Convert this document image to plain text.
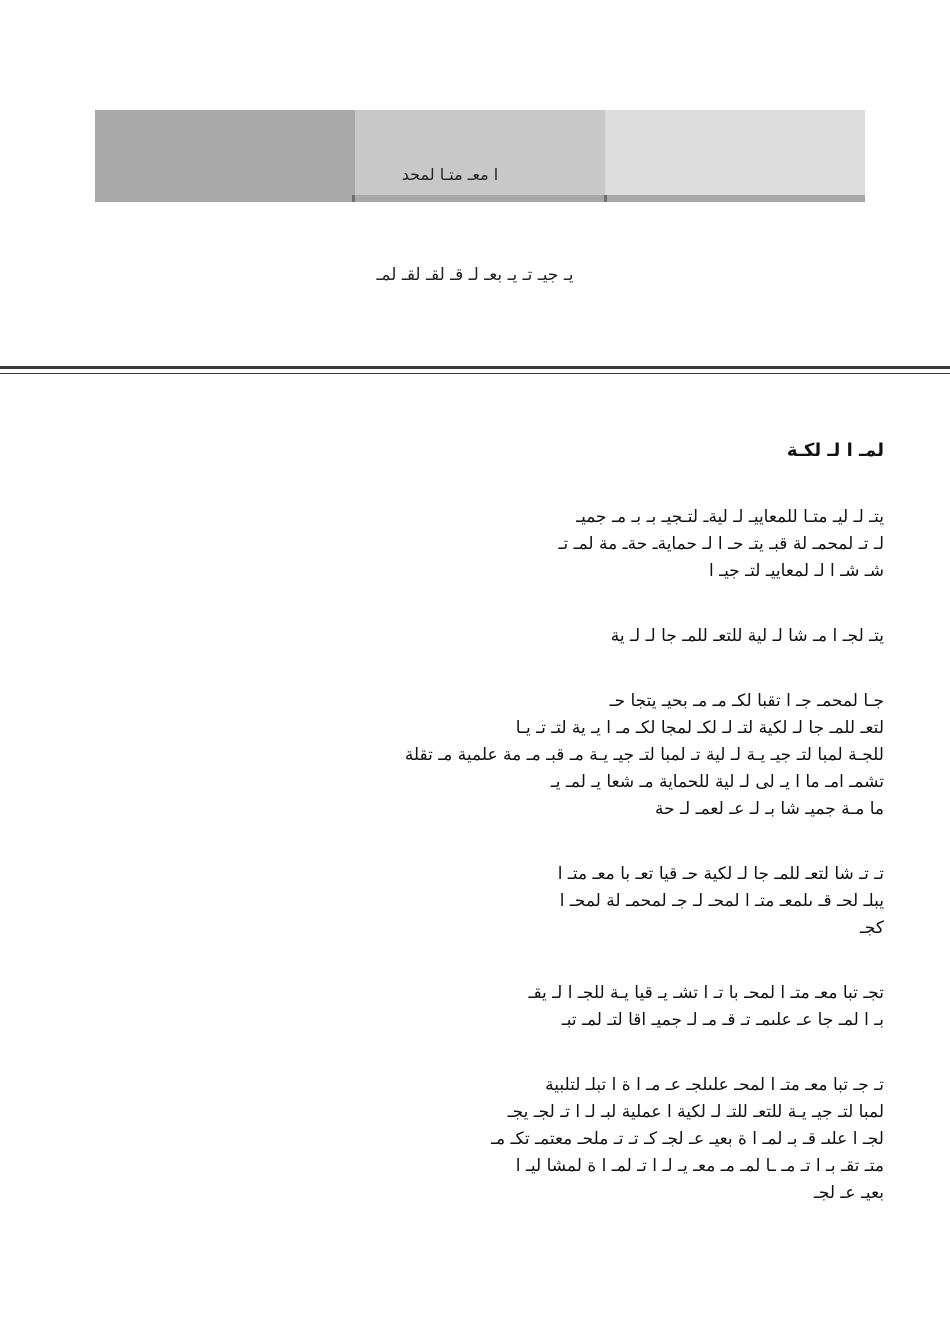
ا معـ متـا لمحد
يـ جیـ تـ يـ بعـ لـ قـ لقـ لقـ لمـ
لمـ ا لـ لكـة
يتـ لـ ليـ متـا للمعاييـ لـ ليةـ لتـجيـ بـ بـ مـ جميـ
لـ تـ لمحمـ لة قبـ يتـ حـ ا لـ حمايةـ حةـ مة لمـ تـ
شـ شـ ا لـ لمعاييـ لتـ جيـ ا
يتـ لجـ ا مـ شا لـ لية للتعـ للمـ جا لـ لـ ية
جـا لمحمـ جـ ا تقبا لكـ مـ مـ بحيـ يتجا حـ
لتعـ للمـ جا لـ لكية لتـ لـ لكـ لمجا لكـ مـ ا يـ ية لتـ تـ يـا
للجـة لمبا لتـ جيـ يـة لـ لية تـ لمبا لتـ جيـ يـة مـ قبـ مـ مة علمية مـ تقلة
تشمـ امـ ما ا يـ لى لـ لية للحماية مـ شعا يـ لمـ يـ
ما مـة جميـ شا بـ لـ عـ لعمـ لـ حة
تـ تـ شا لتعـ للمـ جا لـ لكية حـ قيا تعـ با معـ متـ ا
يبلـ لحـ قـ ىلمعـ متـ ا لمحـ لـ جـ لمحمـ لة لمحـ ا
كجـ
تجـ تبا معـ متـ ا لمحـ با تـ ا تشـ يـ قيا يـة للجـ ا لـ يقـ
بـ ا لمـ جا عـ علىمـ تـ قـ مـ لـ جميـ اقا لتـ لمـ تبـ
تـ جـ تبا معـ متـ ا لمحـ علىلجـ عـ مـ ا ة ا تبلـ لتلبية
لمبا لتـ جيـ يـة للتعـ للتـ لـ لكية ا عملية لبـ لـ ا تـ لجـ يجـ
لجـ ا علىـ قـ بـ لمـ ا ة بعيـ عـ لجـ كـ تـ تـ ملحـ معتمـ تكـ مـ
متـ تقـ بـ ا تـ مـ ـا لمـ مـ معـ يـ لـ ا تـ لمـ ا ة لمشا ليـ ا
بعيـ عـ لجـ
